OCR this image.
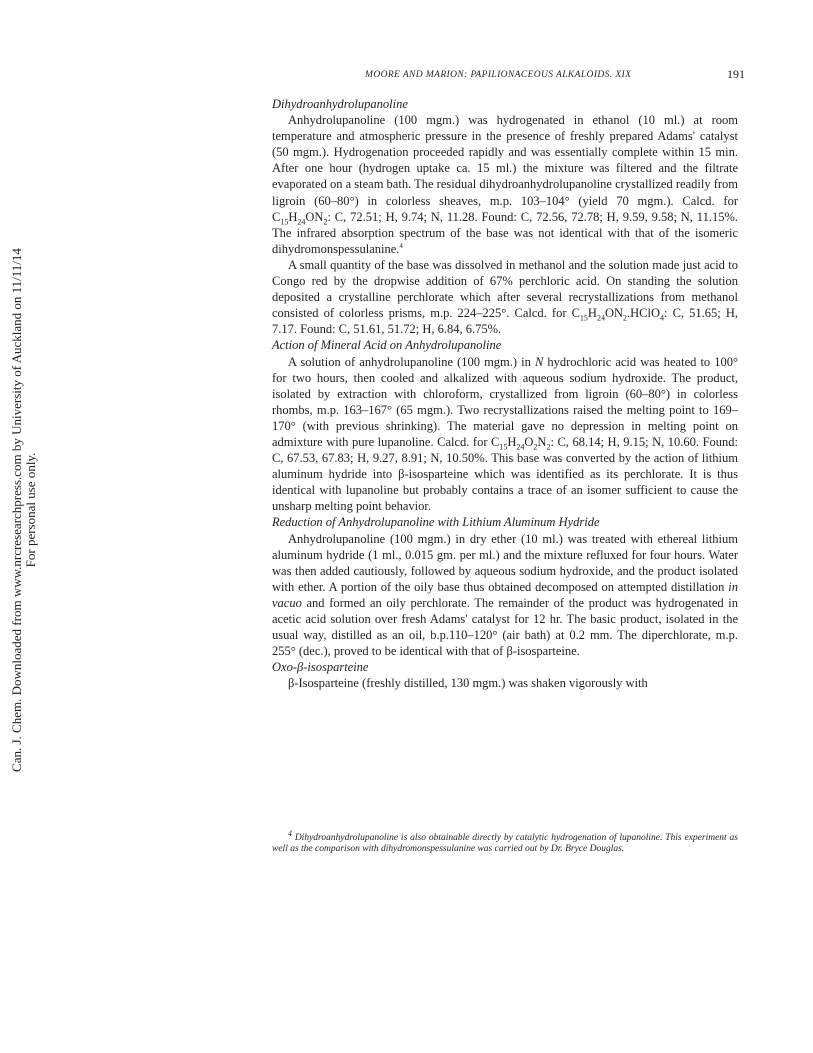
MOORE AND MARION: PAPILIONACEOUS ALKALOIDS. XIX	191
Can. J. Chem. Downloaded from www.nrcresearchpress.com by University of Auckland on 11/11/14 For personal use only.

Dihydroanhydrolupanoline

Anhydrolupanoline (100 mgm.) was hydrogenated in ethanol (10 ml.) at room temperature and atmospheric pressure in the presence of freshly prepared Adams' catalyst (50 mgm.). Hydrogenation proceeded rapidly and was essentially complete within 15 min. After one hour (hydrogen uptake ca. 15 ml.) the mixture was filtered and the filtrate evaporated on a steam bath. The residual dihydroanhydrolupanoline crystallized readily from ligroin (60–80°) in colorless sheaves, m.p. 103–104° (yield 70 mgm.). Calcd. for $C_{15}H_{24}ON_2$: C, 72.51; H, 9.74; N, 11.28. Found: C, 72.56, 72.78; H, 9.59, 9.58; N, 11.15%. The infrared absorption spectrum of the base was not identical with that of the isomeric dihydromonspessulanine.$^4$

A small quantity of the base was dissolved in methanol and the solution made just acid to Congo red by the dropwise addition of 67% perchloric acid. On standing the solution deposited a crystalline perchlorate which after several recrystallizations from methanol consisted of colorless prisms, m.p. 224–225°. Calcd. for $C_{15}H_{24}ON_2.HClO_4$: C, 51.65; H, 7.17. Found: C, 51.61, 51.72; H, 6.84, 6.75%.

Action of Mineral Acid on Anhydrolupanoline

A solution of anhydrolupanoline (100 mgm.) in N hydrochloric acid was heated to 100° for two hours, then cooled and alkalized with aqueous sodium hydroxide. The product, isolated by extraction with chloroform, crystallized from ligroin (60–80°) in colorless rhombs, m.p. 163–167° (65 mgm.). Two recrystallizations raised the melting point to 169–170° (with previous shrinking). The material gave no depression in melting point on admixture with pure lupanoline. Calcd. for $C_{15}H_{24}O_2N_2$: C, 68.14; H, 9.15; N, 10.60. Found: C, 67.53, 67.83; H, 9.27, 8.91; N, 10.50%. This base was converted by the action of lithium aluminum hydride into β-isosparteine which was identified as its perchlorate. It is thus identical with lupanoline but probably contains a trace of an isomer sufficient to cause the unsharp melting point behavior.

Reduction of Anhydrolupanoline with Lithium Aluminum Hydride

Anhydrolupanoline (100 mgm.) in dry ether (10 ml.) was treated with ethereal lithium aluminum hydride (1 ml., 0.015 gm. per ml.) and the mixture refluxed for four hours. Water was then added cautiously, followed by aqueous sodium hydroxide, and the product isolated with ether. A portion of the oily base thus obtained decomposed on attempted distillation in vacuo and formed an oily perchlorate. The remainder of the product was hydrogenated in acetic acid solution over fresh Adams' catalyst for 12 hr. The basic product, isolated in the usual way, distilled as an oil, b.p.110–120° (air bath) at 0.2 mm. The diperchlorate, m.p. 255° (dec.), proved to be identical with that of β-isosparteine.

Oxo-β-isosparteine

β-Isosparteine (freshly distilled, 130 mgm.) was shaken vigorously with

$^4$ Dihydroanhydrolupanoline is also obtainable directly by catalytic hydrogenation of lupanoline. This experiment as well as the comparison with dihydromonspessulanine was carried out by Dr. Bryce Douglas.
